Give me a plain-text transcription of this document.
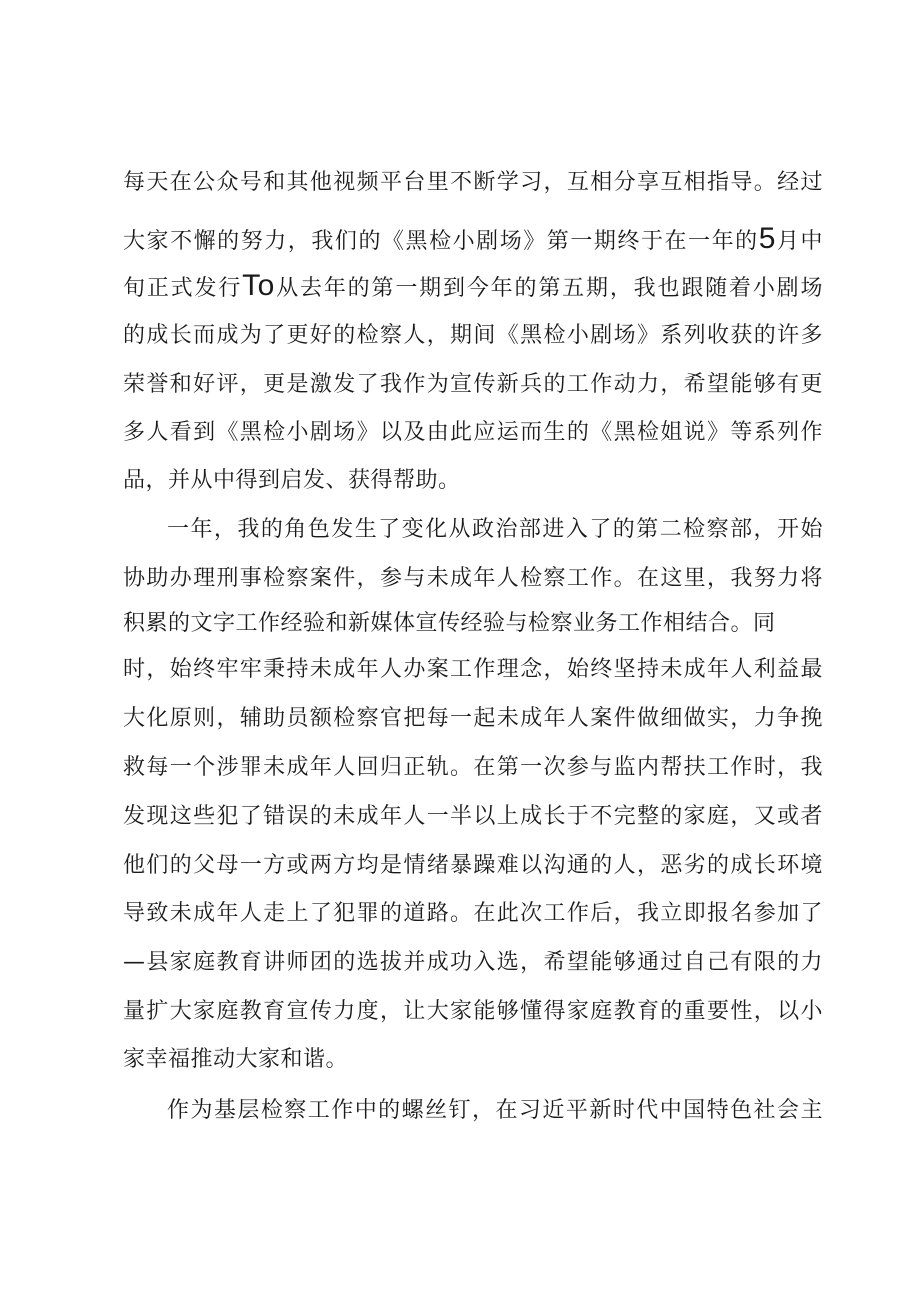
每天在公众号和其他视频平台里不断学习，互相分享互相指导。经过
大家不懈的努力，我们的《黑检小剧场》第一期终于在一年的5月中
旬正式发行To从去年的第一期到今年的第五期，我也跟随着小剧场
的成长而成为了更好的检察人，期间《黑检小剧场》系列收获的许多
荣誉和好评，更是激发了我作为宣传新兵的工作动力，希望能够有更
多人看到《黑检小剧场》以及由此应运而生的《黑检姐说》等系列作
品，并从中得到启发、获得帮助。
一年，我的角色发生了变化从政治部进入了的第二检察部，开始
协助办理刑事检察案件，参与未成年人检察工作。在这里，我努力将
积累的文字工作经验和新媒体宣传经验与检察业务工作相结合。同
时，始终牢牢秉持未成年人办案工作理念，始终坚持未成年人利益最
大化原则，辅助员额检察官把每一起未成年人案件做细做实，力争挽
救每一个涉罪未成年人回归正轨。在第一次参与监内帮扶工作时，我
发现这些犯了错误的未成年人一半以上成长于不完整的家庭，又或者
他们的父母一方或两方均是情绪暴躁难以沟通的人，恶劣的成长环境
导致未成年人走上了犯罪的道路。在此次工作后，我立即报名参加了
—县家庭教育讲师团的选拔并成功入选，希望能够通过自己有限的力
量扩大家庭教育宣传力度，让大家能够懂得家庭教育的重要性，以小
家幸福推动大家和谐。
作为基层检察工作中的螺丝钉，在习近平新时代中国特色社会主
